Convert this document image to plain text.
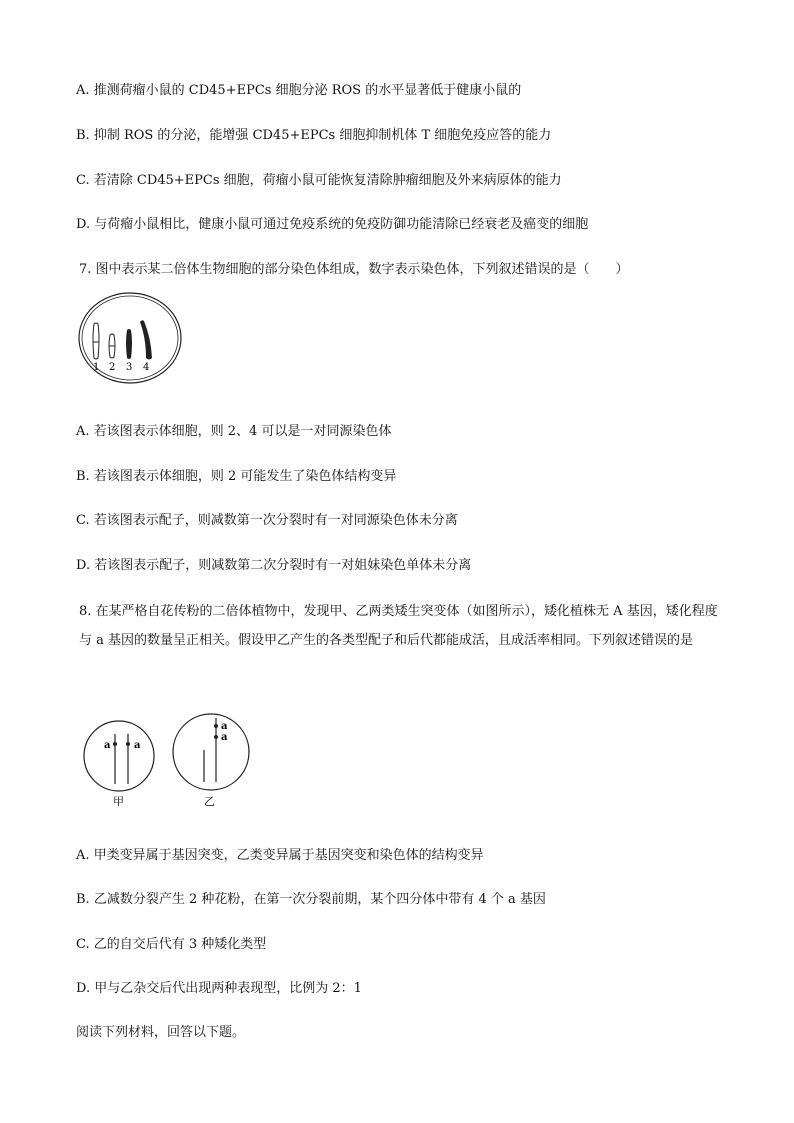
A. 推测荷瘤小鼠的 CD45+EPCs 细胞分泌 ROS 的水平显著低于健康小鼠的
B. 抑制 ROS 的分泌，能增强 CD45+EPCs 细胞抑制机体 T 细胞免疫应答的能力
C. 若清除 CD45+EPCs 细胞，荷瘤小鼠可能恢复清除肿瘤细胞及外来病原体的能力
D. 与荷瘤小鼠相比，健康小鼠可通过免疫系统的免疫防御功能清除已经衰老及癌变的细胞
7. 图中表示某二倍体生物细胞的部分染色体组成，数字表示染色体，下列叙述错误的是（　　）
1 2 3 4
A. 若该图表示体细胞，则 2、4 可以是一对同源染色体
B. 若该图表示体细胞，则 2 可能发生了染色体结构变异
C. 若该图表示配子，则减数第一次分裂时有一对同源染色体未分离
D. 若该图表示配子，则减数第二次分裂时有一对姐妹染色单体未分离
8. 在某严格自花传粉的二倍体植物中，发现甲、乙两类矮生突变体（如图所示），矮化植株无 A 基因，矮化程度与 a 基因的数量呈正相关。假设甲乙产生的各类型配子和后代都能成活，且成活率相同。下列叙述错误的是
a a
甲
a
a
乙
A. 甲类变异属于基因突变，乙类变异属于基因突变和染色体的结构变异
B. 乙减数分裂产生 2 种花粉，在第一次分裂前期，某个四分体中带有 4 个 a 基因
C. 乙的自交后代有 3 种矮化类型
D. 甲与乙杂交后代出现两种表现型，比例为 2：1
阅读下列材料，回答以下题。
